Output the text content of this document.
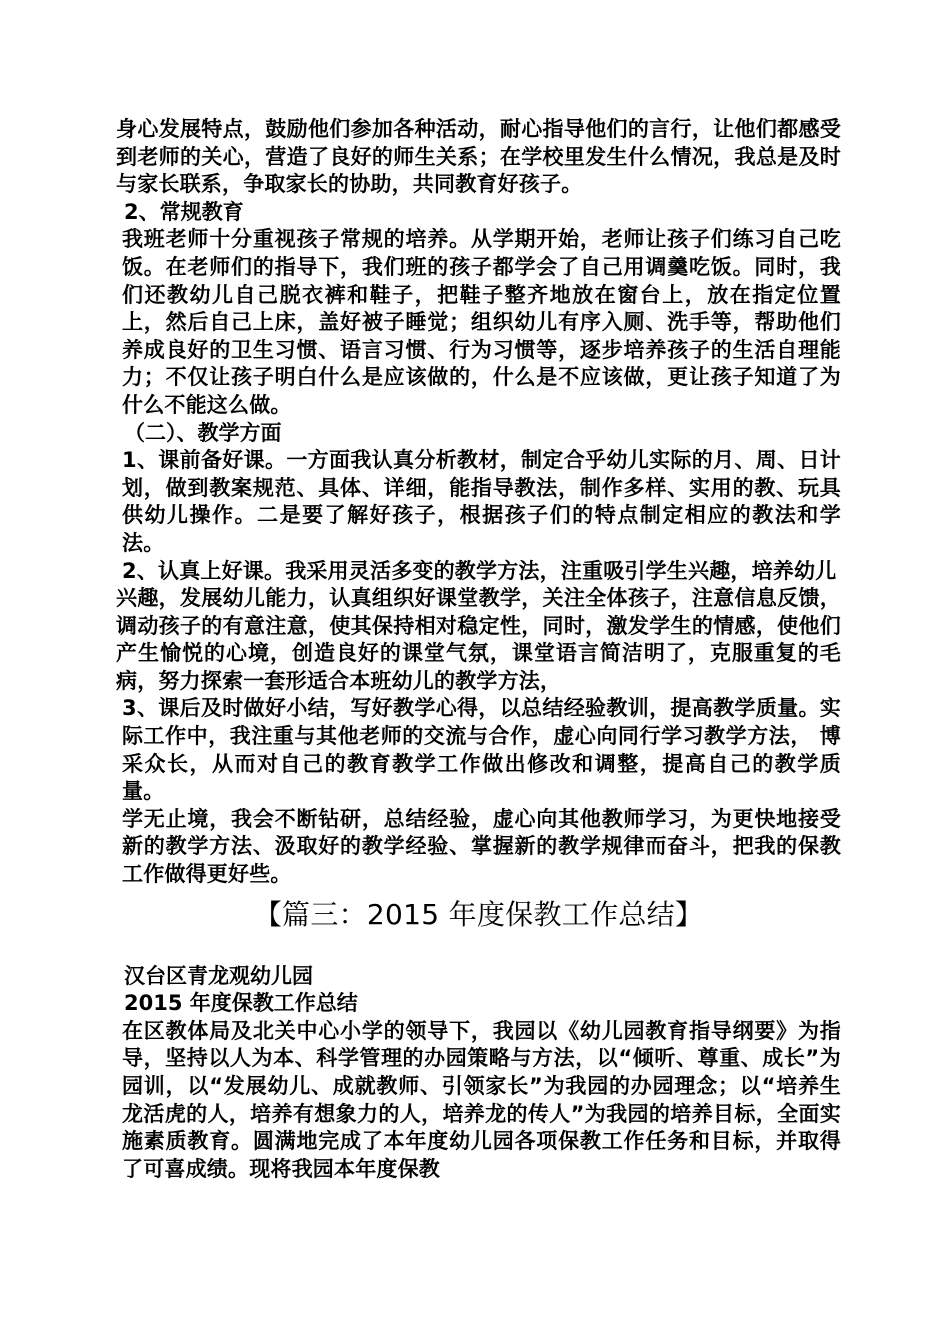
身心发展特点，鼓励他们参加各种活动，耐心指导他们的言行，让他们都感受到老师的关心，营造了良好的师生关系；在学校里发生什么情况，我总是及时与家长联系，争取家长的协助，共同教育好孩子。

2、常规教育

我班老师十分重视孩子常规的培养。从学期开始，老师让孩子们练习自己吃饭。在老师们的指导下，我们班的孩子都学会了自己用调羹吃饭。同时，我们还教幼儿自己脱衣裤和鞋子，把鞋子整齐地放在窗台上，放在指定位置上，然后自己上床，盖好被子睡觉；组织幼儿有序入厕、洗手等，帮助他们养成良好的卫生习惯、语言习惯、行为习惯等，逐步培养孩子的生活自理能力；不仅让孩子明白什么是应该做的，什么是不应该做，更让孩子知道了为什么不能这么做。

（二）、教学方面

1、课前备好课。一方面我认真分析教材，制定合乎幼儿实际的月、周、日计划，做到教案规范、具体、详细，能指导教法，制作多样、实用的教、玩具供幼儿操作。二是要了解好孩子，根据孩子们的特点制定相应的教法和学法。

2、认真上好课。我采用灵活多变的教学方法，注重吸引学生兴趣，培养幼儿

兴趣，发展幼儿能力，认真组织好课堂教学，关注全体孩子，注意信息反馈，调动孩子的有意注意，使其保持相对稳定性，同时，激发学生的情感，使他们产生愉悦的心境，创造良好的课堂气氛，课堂语言简洁明了，克服重复的毛病，努力探索一套形适合本班幼儿的教学方法，

3、课后及时做好小结，写好教学心得，以总结经验教训，提高教学质量。实际工作中，我注重与其他老师的交流与合作，虚心向同行学习教学方法， 博采众长，从而对自己的教育教学工作做出修改和调整，提高自己的教学质量。

学无止境，我会不断钻研，总结经验，虚心向其他教师学习，为更快地接受新的教学方法、汲取好的教学经验、掌握新的教学规律而奋斗，把我的保教工作做得更好些。

【篇三：2015 年度保教工作总结】

汉台区青龙观幼儿园

2015 年度保教工作总结

在区教体局及北关中心小学的领导下，我园以《幼儿园教育指导纲要》为指导，坚持以人为本、科学管理的办园策略与方法，以“倾听、尊重、成长”为园训，以“发展幼儿、成就教师、引领家长”为我园的办园理念；以“培养生龙活虎的人，培养有想象力的人，培养龙的传人”为我园的培养目标，全面实施素质教育。圆满地完成了本年度幼儿园各项保教工作任务和目标，并取得了可喜成绩。现将我园本年度保教
